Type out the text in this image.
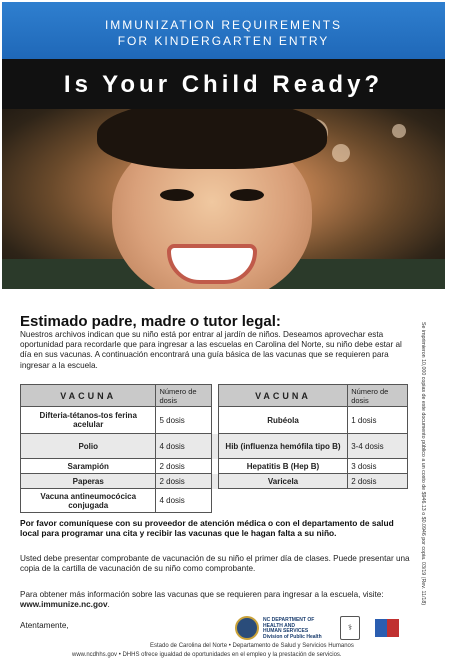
IMMUNIZATION REQUIREMENTS
FOR KINDERGARTEN ENTRY
Is Your Child Ready?
Estimado padre, madre o tutor legal:
Nuestros archivos indican que su niño está por entrar al jardín de niños. Deseamos aprovechar esta oportunidad para recordarle que para ingresar a las escuelas en Carolina del Norte, su niño debe estar al día en sus vacunas. A continuación encontrará una guía básica de las vacunas que se requieren para ingresar a la escuela.
VACUNA	Número de dosis		VACUNA	Número de dosis
Difteria-tétanos-tos ferina acelular	5 dosis		Rubéola	1 dosis
Polio	4 dosis		Hib (influenza hemófila tipo B)	3-4 dosis
Sarampión	2 dosis		Hepatitis B (Hep B)	3 dosis
Paperas	2 dosis		Varicela	2 dosis
Vacuna antineumocócica conjugada	4 dosis			
Por favor comuníquese con su proveedor de atención médica o con el departamento de salud local para programar una cita y recibir las vacunas que le hagan falta a su niño.
Usted debe presentar comprobante de vacunación de su niño el primer día de clases. Puede presentar una copia de la cartilla de vacunación de su niño como comprobante.
Para obtener más información sobre las vacunas que se requieren para ingresar a la escuela, visite: www.immunize.nc.gov.
Atentamente,
NC DEPARTMENT OF
HEALTH AND
HUMAN SERVICES
Division of Public Health
⚕
Estado de Carolina del Norte • Departamento de Salud y Servicios Humanos
www.ncdhhs.gov • DHHS ofrece igualdad de oportunidades en el empleo y la prestación de servicios.
Se imprimieron 10,000 copias de este documento público a un costo de $946.13 o $0.0946 por copia. 03/19 (Rev. 11/18)
